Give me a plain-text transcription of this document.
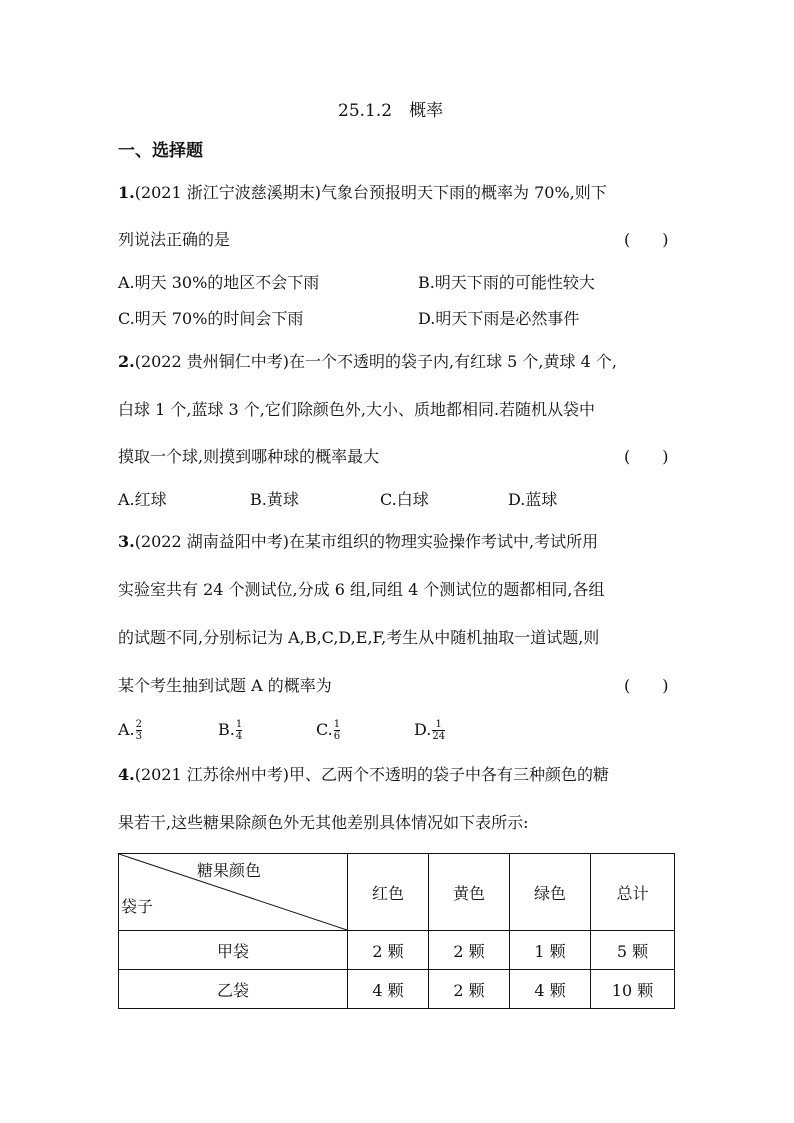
25.1.2　概率
一、选择题
1.(2021 浙江宁波慈溪期末)气象台预报明天下雨的概率为 70%,则下
列说法正确的是	(　　)
A.明天 30%的地区不会下雨	B.明天下雨的可能性较大
C.明天 70%的时间会下雨	D.明天下雨是必然事件
2.(2022 贵州铜仁中考)在一个不透明的袋子内,有红球 5 个,黄球 4 个,
白球 1 个,蓝球 3 个,它们除颜色外,大小、质地都相同.若随机从袋中
摸取一个球,则摸到哪种球的概率最大	(　　)
A.红球	B.黄球	C.白球	D.蓝球
3.(2022 湖南益阳中考)在某市组织的物理实验操作考试中,考试所用
实验室共有 24 个测试位,分成 6 组,同组 4 个测试位的题都相同,各组
的试题不同,分别标记为 A,B,C,D,E,F,考生从中随机抽取一道试题,则
某个考生抽到试题 A 的概率为	(　　)
A. $\frac{2}{3}$	B. $\frac{1}{4}$	C. $\frac{1}{6}$	D. $\frac{1}{24}$
4.(2021 江苏徐州中考)甲、乙两个不透明的袋子中各有三种颜色的糖
果若干,这些糖果除颜色外无其他差别具体情况如下表所示:
糖果颜色
袋子	红色	黄色	绿色	总计
甲袋	2 颗	2 颗	1 颗	5 颗
乙袋	4 颗	2 颗	4 颗	10 颗
